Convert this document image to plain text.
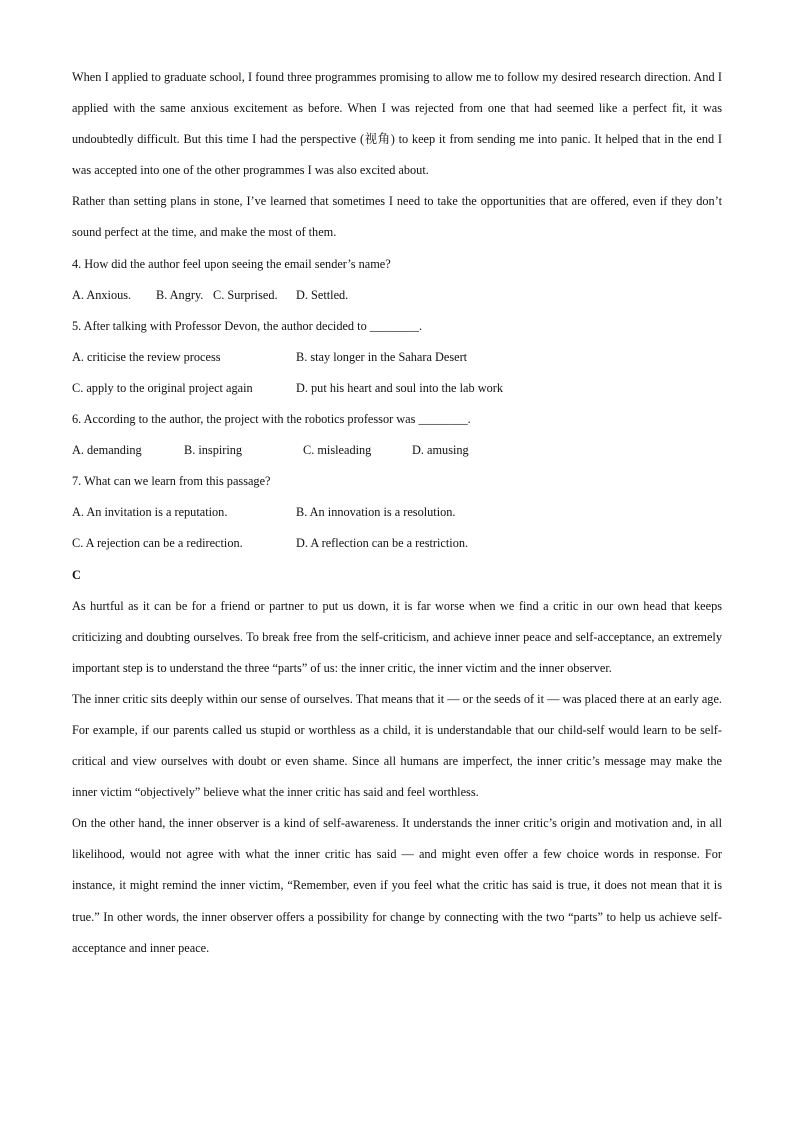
When I applied to graduate school, I found three programmes promising to allow me to follow my desired research direction. And I applied with the same anxious excitement as before. When I was rejected from one that had seemed like a perfect fit, it was undoubtedly difficult. But this time I had the perspective (视角) to keep it from sending me into panic. It helped that in the end I was accepted into one of the other programmes I was also excited about.

Rather than setting plans in stone, I’ve learned that sometimes I need to take the opportunities that are offered, even if they don’t sound perfect at the time, and make the most of them.

4. How did the author feel upon seeing the email sender’s name?

A. Anxious. B. Angry. C. Surprised. D. Settled.

5. After talking with Professor Devon, the author decided to ________.

A. criticise the review process	B. stay longer in the Sahara Desert
C. apply to the original project again	D. put his heart and soul into the lab work

6. According to the author, the project with the robotics professor was ________.

A. demanding	B. inspiring	C. misleading	D. amusing

7. What can we learn from this passage?

A. An invitation is a reputation.	B. An innovation is a resolution.
C. A rejection can be a redirection.	D. A reflection can be a restriction.

C

As hurtful as it can be for a friend or partner to put us down, it is far worse when we find a critic in our own head that keeps criticizing and doubting ourselves. To break free from the self-criticism, and achieve inner peace and self-acceptance, an extremely important step is to understand the three “parts” of us: the inner critic, the inner victim and the inner observer.

The inner critic sits deeply within our sense of ourselves. That means that it — or the seeds of it — was placed there at an early age. For example, if our parents called us stupid or worthless as a child, it is understandable that our child-self would learn to be self-critical and view ourselves with doubt or even shame. Since all humans are imperfect, the inner critic’s message may make the inner victim “objectively” believe what the inner critic has said and feel worthless.

On the other hand, the inner observer is a kind of self-awareness. It understands the inner critic’s origin and motivation and, in all likelihood, would not agree with what the inner critic has said — and might even offer a few choice words in response. For instance, it might remind the inner victim, “Remember, even if you feel what the critic has said is true, it does not mean that it is true.” In other words, the inner observer offers a possibility for change by connecting with the two “parts” to help us achieve self-acceptance and inner peace.
